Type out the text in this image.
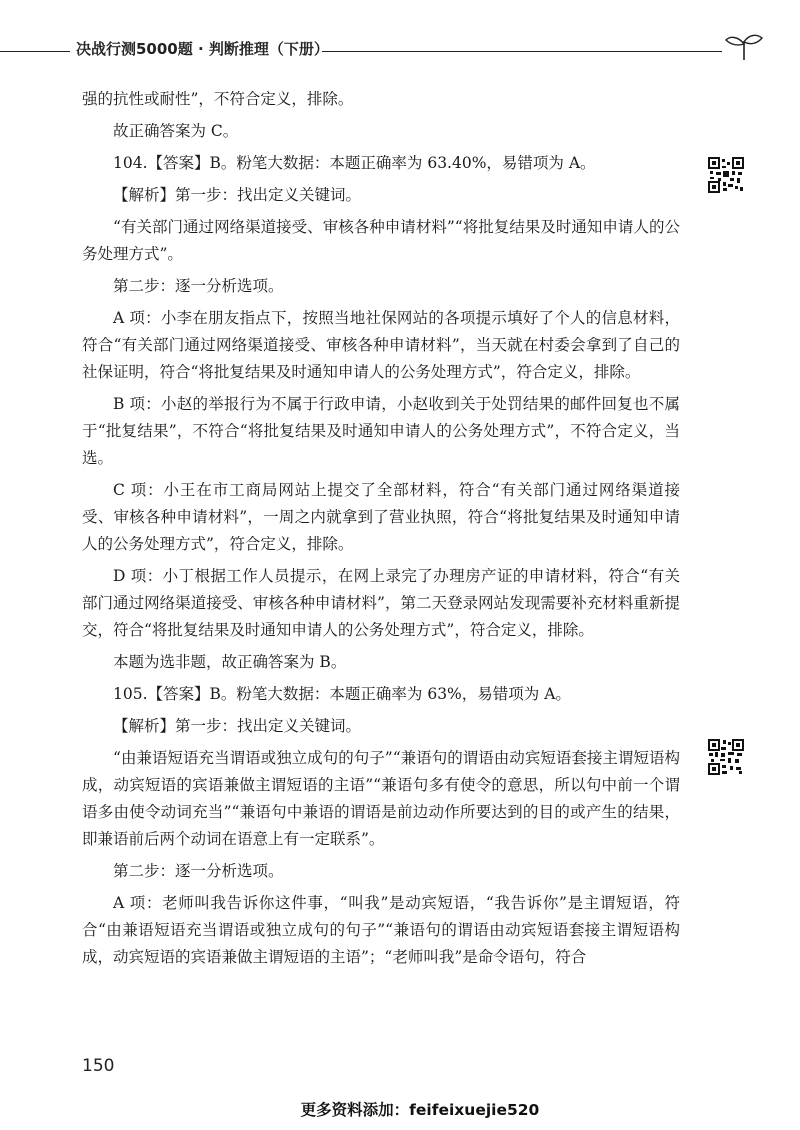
决战行测5000题 · 判断推理（下册）

强的抗性或耐性”，不符合定义，排除。

故正确答案为 C。

104.【答案】B。粉笔大数据：本题正确率为 63.40%，易错项为 A。

【解析】第一步：找出定义关键词。

“有关部门通过网络渠道接受、审核各种申请材料”“将批复结果及时通知申请人的公务处理方式”。

第二步：逐一分析选项。

A 项：小李在朋友指点下，按照当地社保网站的各项提示填好了个人的信息材料，符合“有关部门通过网络渠道接受、审核各种申请材料”，当天就在村委会拿到了自己的社保证明，符合“将批复结果及时通知申请人的公务处理方式”，符合定义，排除。

B 项：小赵的举报行为不属于行政申请，小赵收到关于处罚结果的邮件回复也不属于“批复结果”，不符合“将批复结果及时通知申请人的公务处理方式”，不符合定义，当选。

C 项：小王在市工商局网站上提交了全部材料，符合“有关部门通过网络渠道接受、审核各种申请材料”，一周之内就拿到了营业执照，符合“将批复结果及时通知申请人的公务处理方式”，符合定义，排除。

D 项：小丁根据工作人员提示，在网上录完了办理房产证的申请材料，符合“有关部门通过网络渠道接受、审核各种申请材料”，第二天登录网站发现需要补充材料重新提交，符合“将批复结果及时通知申请人的公务处理方式”，符合定义，排除。

本题为选非题，故正确答案为 B。

105.【答案】B。粉笔大数据：本题正确率为 63%，易错项为 A。

【解析】第一步：找出定义关键词。

“由兼语短语充当谓语或独立成句的句子”“兼语句的谓语由动宾短语套接主谓短语构成，动宾短语的宾语兼做主谓短语的主语”“兼语句多有使令的意思，所以句中前一个谓语多由使令动词充当”“兼语句中兼语的谓语是前边动作所要达到的目的或产生的结果，即兼语前后两个动词在语意上有一定联系”。

第二步：逐一分析选项。

A 项：老师叫我告诉你这件事，“叫我”是动宾短语，“我告诉你”是主谓短语，符合“由兼语短语充当谓语或独立成句的句子”“兼语句的谓语由动宾短语套接主谓短语构成，动宾短语的宾语兼做主谓短语的主语”；“老师叫我”是命令语句，符合

150
更多资料添加：feifeixuejie520
